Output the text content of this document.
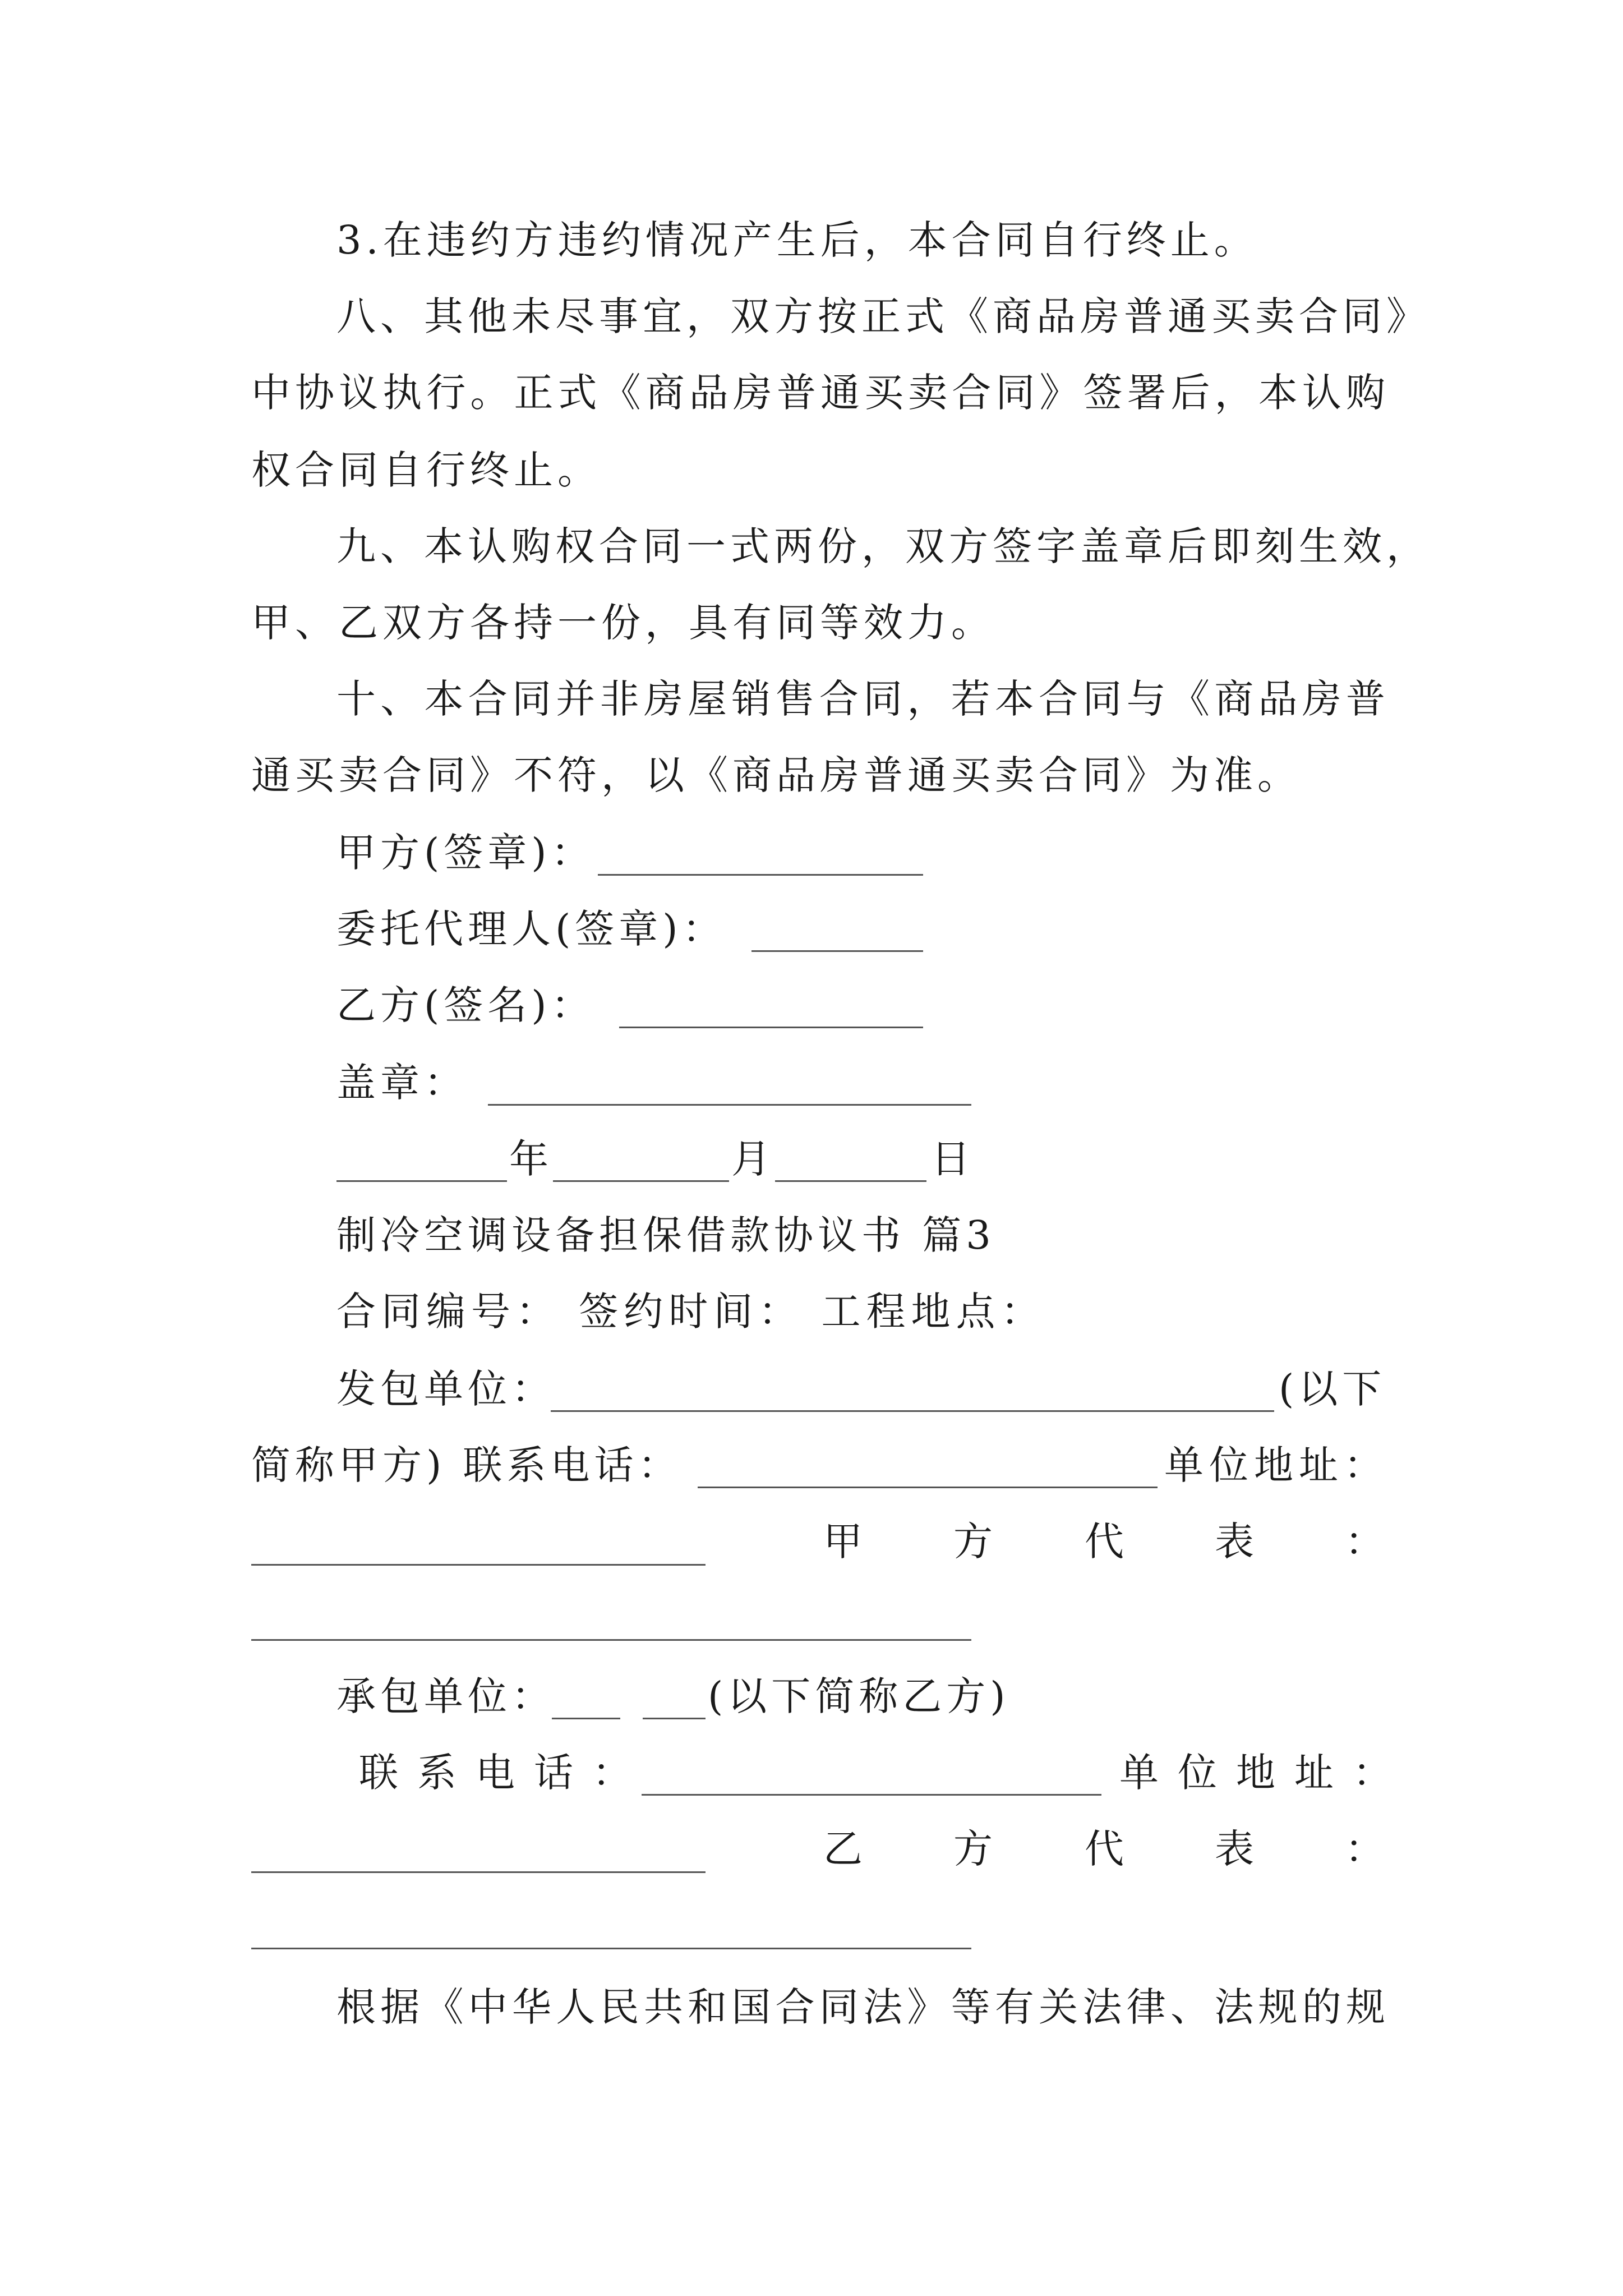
3.在违约方违约情况产生后，本合同自行终止。
八、其他未尽事宜，双方按正式《商品房普通买卖合同》
中协议执行。正式《商品房普通买卖合同》签署后，本认购
权合同自行终止。
九、本认购权合同一式两份，双方签字盖章后即刻生效，
甲、乙双方各持一份，具有同等效力。
十、本合同并非房屋销售合同，若本合同与《商品房普
通买卖合同》不符，以《商品房普通买卖合同》为准。
甲方(签章)：
委托代理人(签章)：
乙方(签名)：
盖章：
年	月	日
制冷空调设备担保借款协议书 篇3
合同编号： 签约时间： 工程地点：
发包单位：	(以下
简称甲方) 联系电话：	单位地址：
甲 方 代 表 ：
承包单位：	(以下简称乙方)
联系电话：	单位地址：
乙 方 代 表 ：
根据《中华人民共和国合同法》等有关法律、法规的规
